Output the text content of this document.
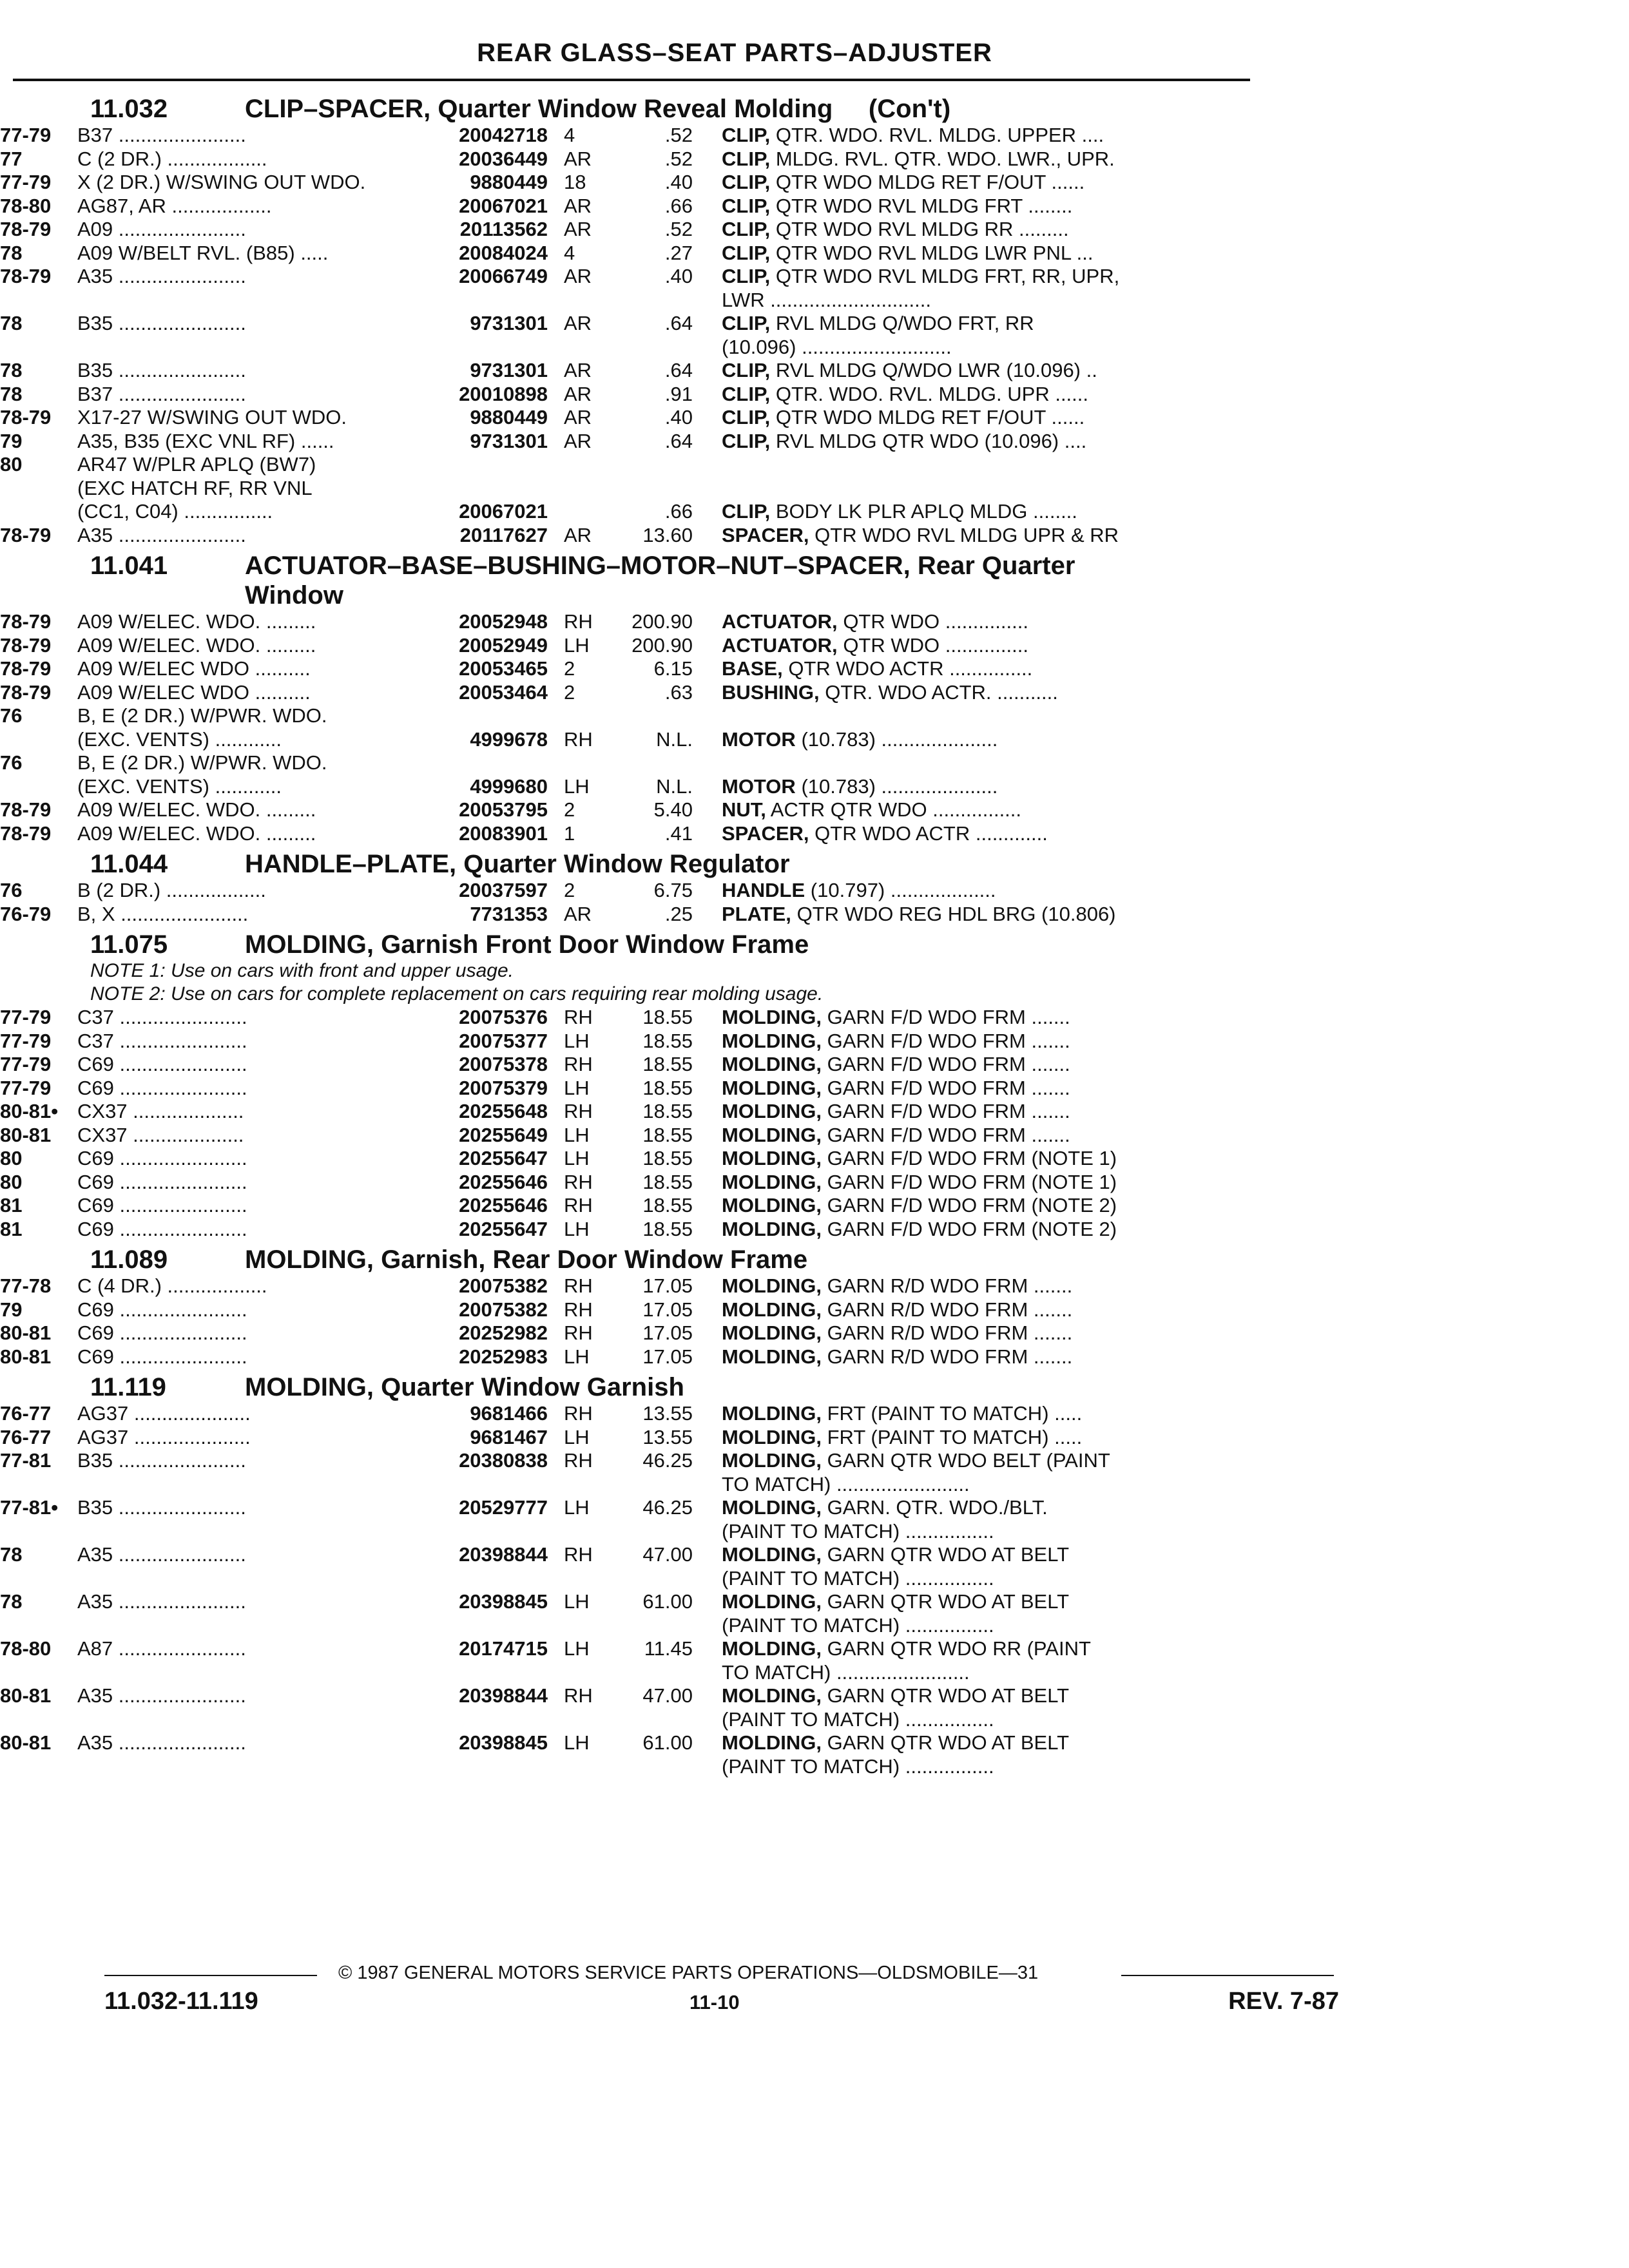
REAR GLASS–SEAT PARTS–ADJUSTER
11.032	CLIP–SPACER, Quarter Window Reveal Molding (Con't)
77-79	B37 .......................	20042718 4	.52	CLIP, QTR. WDO. RVL. MLDG. UPPER ....
77	C (2 DR.) ..................	20036449 AR	.52	CLIP, MLDG. RVL. QTR. WDO. LWR., UPR.
77-79	X (2 DR.) W/SWING OUT WDO.	9880449 18	.40	CLIP, QTR WDO MLDG RET F/OUT ......
78-80	AG87, AR ..................	20067021 AR	.66	CLIP, QTR WDO RVL MLDG FRT ........
78-79	A09 .......................	20113562 AR	.52	CLIP, QTR WDO RVL MLDG RR .........
78	A09 W/BELT RVL. (B85) .....	20084024 4	.27	CLIP, QTR WDO RVL MLDG LWR PNL ...
78-79	A35 .......................	20066749 AR	.40	CLIP, QTR WDO RVL MLDG FRT, RR, UPR,
LWR .............................
78	B35 .......................	9731301 AR	.64	CLIP, RVL MLDG Q/WDO FRT, RR
(10.096) ...........................
78	B35 .......................	9731301 AR	.64	CLIP, RVL MLDG Q/WDO LWR (10.096) ..
78	B37 .......................	20010898 AR	.91	CLIP, QTR. WDO. RVL. MLDG. UPR ......
78-79	X17-27 W/SWING OUT WDO.	9880449 AR	.40	CLIP, QTR WDO MLDG RET F/OUT ......
79	A35, B35 (EXC VNL RF) ......	9731301 AR	.64	CLIP, RVL MLDG QTR WDO (10.096) ....
80	AR47 W/PLR APLQ (BW7)
(EXC HATCH RF, RR VNL
(CC1, C04) ................	20067021	.66	CLIP, BODY LK PLR APLQ MLDG ........
78-79	A35 .......................	20117627 AR	13.60	SPACER, QTR WDO RVL MLDG UPR & RR
11.041	ACTUATOR–BASE–BUSHING–MOTOR–NUT–SPACER, Rear Quarter
Window
78-79	A09 W/ELEC. WDO. .........	20052948 RH	200.90	ACTUATOR, QTR WDO ...............
78-79	A09 W/ELEC. WDO. .........	20052949 LH	200.90	ACTUATOR, QTR WDO ...............
78-79	A09 W/ELEC WDO ..........	20053465 2	6.15	BASE, QTR WDO ACTR ...............
78-79	A09 W/ELEC WDO ..........	20053464 2	.63	BUSHING, QTR. WDO ACTR. ...........
76	B, E (2 DR.) W/PWR. WDO.
(EXC. VENTS) ............	4999678 RH	N.L.	MOTOR (10.783) .....................
76	B, E (2 DR.) W/PWR. WDO.
(EXC. VENTS) ............	4999680 LH	N.L.	MOTOR (10.783) .....................
78-79	A09 W/ELEC. WDO. .........	20053795 2	5.40	NUT, ACTR QTR WDO ................
78-79	A09 W/ELEC. WDO. .........	20083901 1	.41	SPACER, QTR WDO ACTR .............
11.044	HANDLE–PLATE, Quarter Window Regulator
76	B (2 DR.) ..................	20037597 2	6.75	HANDLE (10.797) ...................
76-79	B, X .......................	7731353 AR	.25	PLATE, QTR WDO REG HDL BRG (10.806)
11.075	MOLDING, Garnish Front Door Window Frame
NOTE 1: Use on cars with front and upper usage.
NOTE 2: Use on cars for complete replacement on cars requiring rear molding usage.
77-79	C37 .......................	20075376 RH	18.55	MOLDING, GARN F/D WDO FRM .......
77-79	C37 .......................	20075377 LH	18.55	MOLDING, GARN F/D WDO FRM .......
77-79	C69 .......................	20075378 RH	18.55	MOLDING, GARN F/D WDO FRM .......
77-79	C69 .......................	20075379 LH	18.55	MOLDING, GARN F/D WDO FRM .......
80-81• CX37 ....................	20255648 RH	18.55	MOLDING, GARN F/D WDO FRM .......
80-81	CX37 ....................	20255649 LH	18.55	MOLDING, GARN F/D WDO FRM .......
80	C69 .......................	20255647 LH	18.55	MOLDING, GARN F/D WDO FRM (NOTE 1)
80	C69 .......................	20255646 RH	18.55	MOLDING, GARN F/D WDO FRM (NOTE 1)
81	C69 .......................	20255646 RH	18.55	MOLDING, GARN F/D WDO FRM (NOTE 2)
81	C69 .......................	20255647 LH	18.55	MOLDING, GARN F/D WDO FRM (NOTE 2)
11.089	MOLDING, Garnish, Rear Door Window Frame
77-78	C (4 DR.) ..................	20075382 RH	17.05	MOLDING, GARN R/D WDO FRM .......
79	C69 .......................	20075382 RH	17.05	MOLDING, GARN R/D WDO FRM .......
80-81	C69 .......................	20252982 RH	17.05	MOLDING, GARN R/D WDO FRM .......
80-81	C69 .......................	20252983 LH	17.05	MOLDING, GARN R/D WDO FRM .......
11.119	MOLDING, Quarter Window Garnish
76-77	AG37 .....................	9681466 RH	13.55	MOLDING, FRT (PAINT TO MATCH) .....
76-77	AG37 .....................	9681467 LH	13.55	MOLDING, FRT (PAINT TO MATCH) .....
77-81	B35 .......................	20380838 RH	46.25	MOLDING, GARN QTR WDO BELT (PAINT
TO MATCH) ........................
77-81• B35 .......................	20529777 LH	46.25	MOLDING, GARN. QTR. WDO./BLT.
(PAINT TO MATCH) ................
78	A35 .......................	20398844 RH	47.00	MOLDING, GARN QTR WDO AT BELT
(PAINT TO MATCH) ................
78	A35 .......................	20398845 LH	61.00	MOLDING, GARN QTR WDO AT BELT
(PAINT TO MATCH) ................
78-80	A87 .......................	20174715 LH	11.45	MOLDING, GARN QTR WDO RR (PAINT
TO MATCH) ........................
80-81	A35 .......................	20398844 RH	47.00	MOLDING, GARN QTR WDO AT BELT
(PAINT TO MATCH) ................
80-81	A35 .......................	20398845 LH	61.00	MOLDING, GARN QTR WDO AT BELT
(PAINT TO MATCH) ................
© 1987 GENERAL MOTORS SERVICE PARTS OPERATIONS—OLDSMOBILE—31
11.032-11.119	11-10	REV. 7-87
